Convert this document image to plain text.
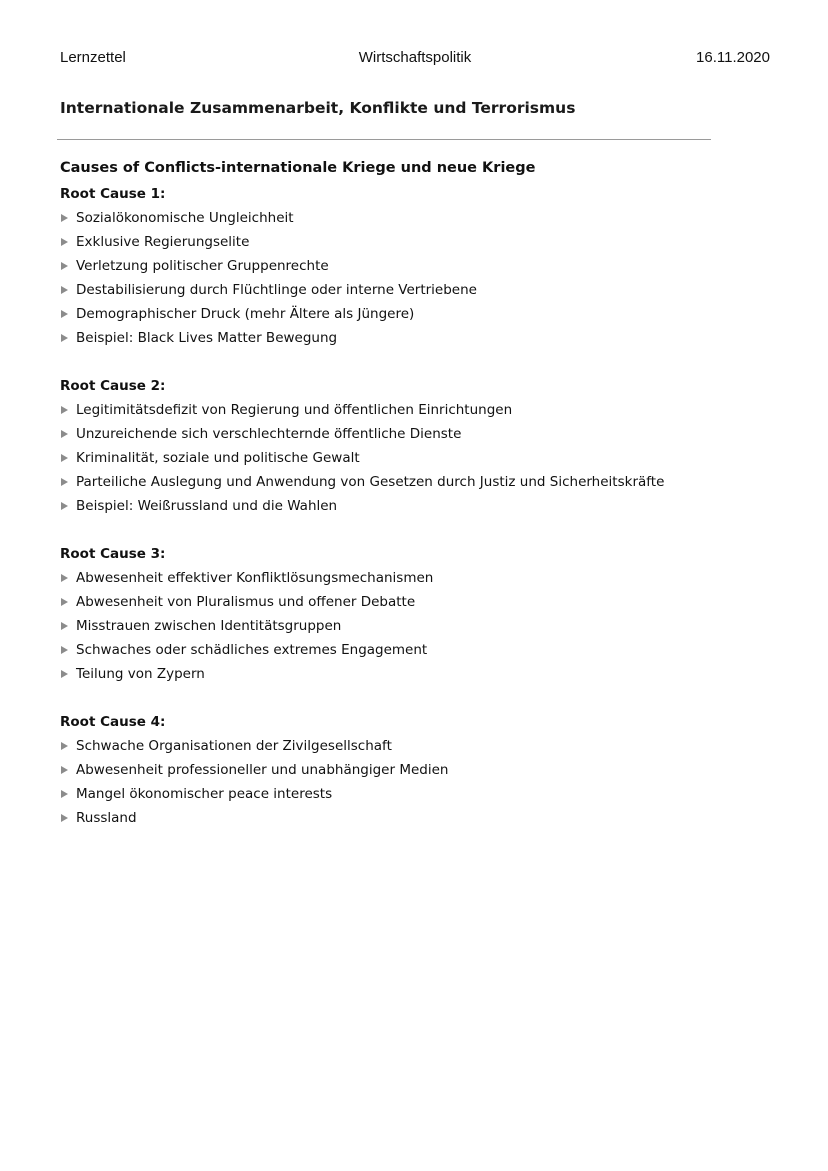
Lernzettel	Wirtschaftspolitik	16.11.2020
Internationale Zusammenarbeit, Konflikte und Terrorismus
Causes of Conflicts-internationale Kriege und neue Kriege
Root Cause 1:
Sozialökonomische Ungleichheit
Exklusive Regierungselite
Verletzung politischer Gruppenrechte
Destabilisierung durch Flüchtlinge oder interne Vertriebene
Demographischer Druck (mehr Ältere als Jüngere)
Beispiel: Black Lives Matter Bewegung
Root Cause 2:
Legitimitätsdefizit von Regierung und öffentlichen Einrichtungen
Unzureichende sich verschlechternde öffentliche Dienste
Kriminalität, soziale und politische Gewalt
Parteiliche Auslegung und Anwendung von Gesetzen durch Justiz und Sicherheitskräfte
Beispiel: Weißrussland und die Wahlen
Root Cause 3:
Abwesenheit effektiver Konfliktlösungsmechanismen
Abwesenheit von Pluralismus und offener Debatte
Misstrauen zwischen Identitätsgruppen
Schwaches oder schädliches extremes Engagement
Teilung von Zypern
Root Cause 4:
Schwache Organisationen der Zivilgesellschaft
Abwesenheit professioneller und unabhängiger Medien
Mangel ökonomischer peace interests
Russland
